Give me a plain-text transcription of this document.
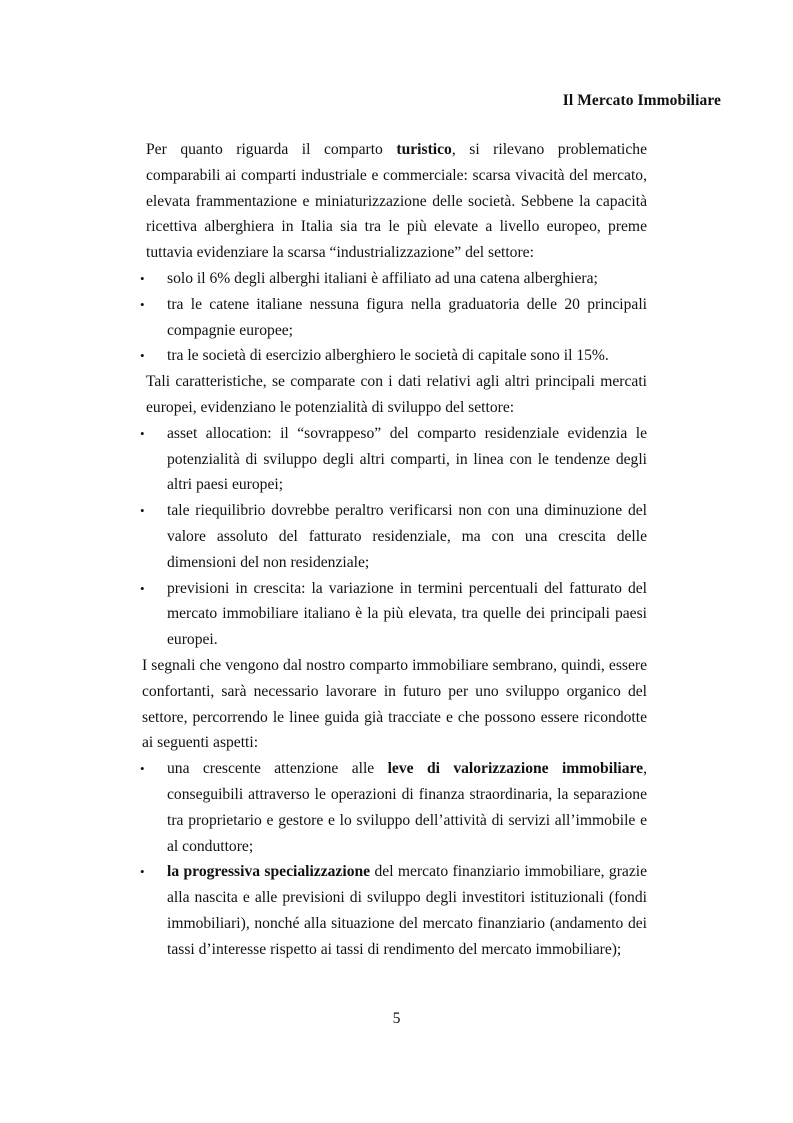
Il Mercato Immobiliare

Per quanto riguarda il comparto turistico, si rilevano problematiche comparabili ai comparti industriale e commerciale: scarsa vivacità del mercato, elevata frammentazione e miniaturizzazione delle società. Sebbene la capacità ricettiva alberghiera in Italia sia tra le più elevate a livello europeo, preme tuttavia evidenziare la scarsa “industrializzazione” del settore:

• solo il 6% degli alberghi italiani è affiliato ad una catena alberghiera;
• tra le catene italiane nessuna figura nella graduatoria delle 20 principali compagnie europee;
• tra le società di esercizio alberghiero le società di capitale sono il 15%.

Tali caratteristiche, se comparate con i dati relativi agli altri principali mercati europei, evidenziano le potenzialità di sviluppo del settore:

• asset allocation: il “sovrappeso” del comparto residenziale evidenzia le potenzialità di sviluppo degli altri comparti, in linea con le tendenze degli altri paesi europei;
• tale riequilibrio dovrebbe peraltro verificarsi non con una diminuzione del valore assoluto del fatturato residenziale, ma con una crescita delle dimensioni del non residenziale;
• previsioni in crescita: la variazione in termini percentuali del fatturato del mercato immobiliare italiano è la più elevata, tra quelle dei principali paesi europei.

I segnali che vengono dal nostro comparto immobiliare sembrano, quindi, essere confortanti, sarà necessario lavorare in futuro per uno sviluppo organico del settore, percorrendo le linee guida già tracciate e che possono essere ricondotte ai seguenti aspetti:

• una crescente attenzione alle leve di valorizzazione immobiliare, conseguibili attraverso le operazioni di finanza straordinaria, la separazione tra proprietario e gestore e lo sviluppo dell’attività di servizi all’immobile e al conduttore;
• la progressiva specializzazione del mercato finanziario immobiliare, grazie alla nascita e alle previsioni di sviluppo degli investitori istituzionali (fondi immobiliari), nonché alla situazione del mercato finanziario (andamento dei tassi d’interesse rispetto ai tassi di rendimento del mercato immobiliare);
5
